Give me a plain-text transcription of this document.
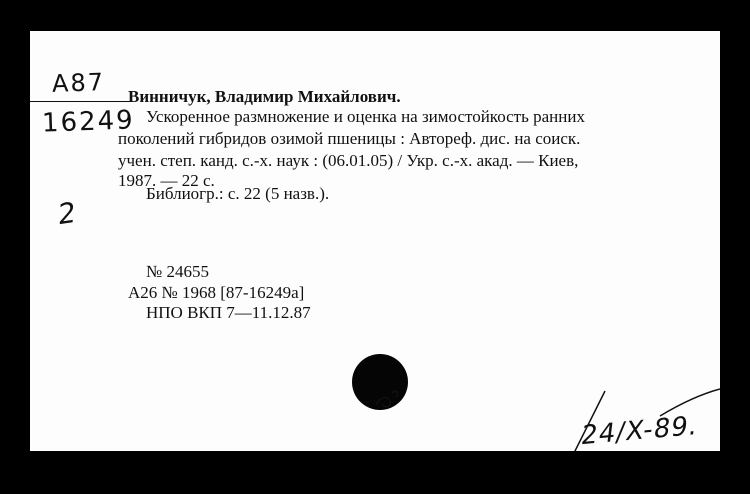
А87
16249
Винничук, Владимир Михайлович.
Ускоренное размножение и оценка на зимостойкость ранних
поколений гибридов озимой пшеницы : Автореф. дис. на соиск.
учен. степ. канд. с.-х. наук : (06.01.05) / Укр. с.-х. акад. — Киев,
1987. — 22 с.
Библиогр.: с. 22 (5 назв.).
2
№ 24655
А26 № 1968 [87-16249а]
НПО ВКП 7—11.12.87
24/X-89.
